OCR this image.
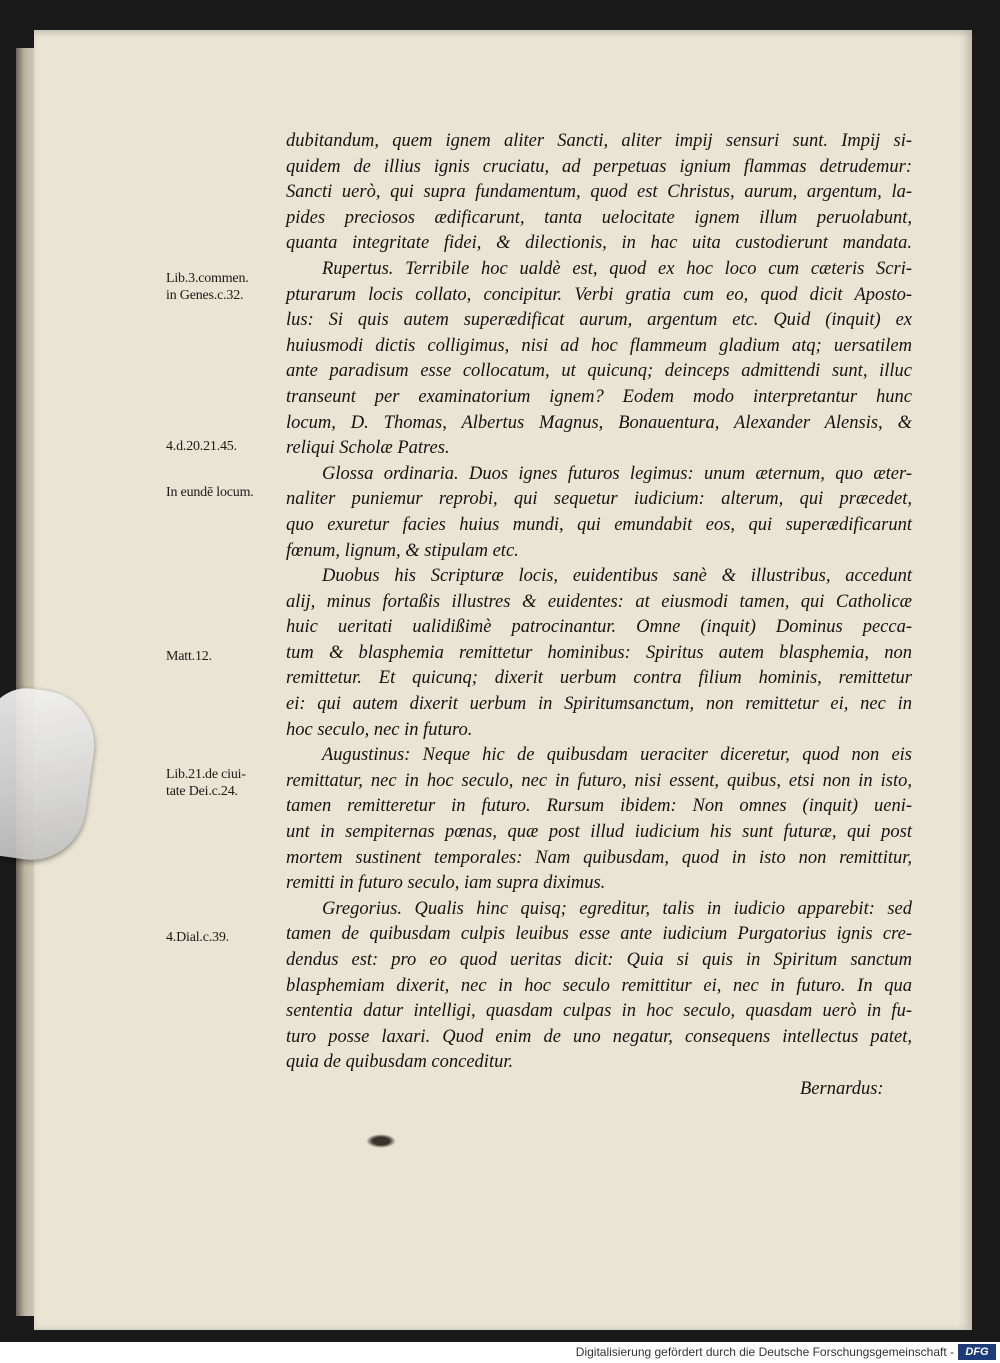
Lib.3.commen.
in Genes.c.32.
4.d.20.21.45.
In eundē locum.
Matt.12.
Lib.21.de ciui-
tate Dei.c.24.
4.Dial.c.39.
dubitandum, quem ignem aliter Sancti, aliter impij sensuri sunt. Impij si-
quidem de illius ignis cruciatu, ad perpetuas ignium flammas detrudemur:
Sancti uerò, qui supra fundamentum, quod est Christus, aurum, argentum, la-
pides preciosos ædificarunt, tanta uelocitate ignem illum peruolabunt,
quanta integritate fidei, & dilectionis, in hac uita custodierunt mandata.
Rupertus. Terribile hoc ualdè est, quod ex hoc loco cum cæteris Scri-
pturarum locis collato, concipitur. Verbi gratia cum eo, quod dicit Aposto-
lus: Si quis autem superædificat aurum, argentum etc. Quid (inquit) ex
huiusmodi dictis colligimus, nisi ad hoc flammeum gladium atq; uersatilem
ante paradisum esse collocatum, ut quicunq; deinceps admittendi sunt, illuc
transeunt per examinatorium ignem? Eodem modo interpretantur hunc
locum, D. Thomas, Albertus Magnus, Bonauentura, Alexander Alensis, &
reliqui Scholæ Patres.
Glossa ordinaria. Duos ignes futuros legimus: unum æternum, quo æter-
naliter puniemur reprobi, qui sequetur iudicium: alterum, qui præcedet,
quo exuretur facies huius mundi, qui emundabit eos, qui superædificarunt
fœnum, lignum, & stipulam etc.
Duobus his Scripturæ locis, euidentibus sanè & illustribus, accedunt
alij, minus fortaßis illustres & euidentes: at eiusmodi tamen, qui Catholicæ
huic ueritati ualidißimè patrocinantur. Omne (inquit) Dominus pecca-
tum & blasphemia remittetur hominibus: Spiritus autem blasphemia, non
remittetur. Et quicunq; dixerit uerbum contra filium hominis, remittetur
ei: qui autem dixerit uerbum in Spiritumsanctum, non remittetur ei, nec in
hoc seculo, nec in futuro.
Augustinus: Neque hic de quibusdam ueraciter diceretur, quod non eis
remittatur, nec in hoc seculo, nec in futuro, nisi essent, quibus, etsi non in isto,
tamen remitteretur in futuro. Rursum ibidem: Non omnes (inquit) ueni-
unt in sempiternas pœnas, quæ post illud iudicium his sunt futuræ, qui post
mortem sustinent temporales: Nam quibusdam, quod in isto non remittitur,
remitti in futuro seculo, iam supra diximus.
Gregorius. Qualis hinc quisq; egreditur, talis in iudicio apparebit: sed
tamen de quibusdam culpis leuibus esse ante iudicium Purgatorius ignis cre-
dendus est: pro eo quod ueritas dicit: Quia si quis in Spiritum sanctum
blasphemiam dixerit, nec in hoc seculo remittitur ei, nec in futuro. In qua
sententia datur intelligi, quasdam culpas in hoc seculo, quasdam uerò in fu-
turo posse laxari. Quod enim de uno negatur, consequens intellectus patet,
quia de quibusdam conceditur.
Bernardus:
Digitalisierung gefördert durch die Deutsche Forschungsgemeinschaft -	DFG
